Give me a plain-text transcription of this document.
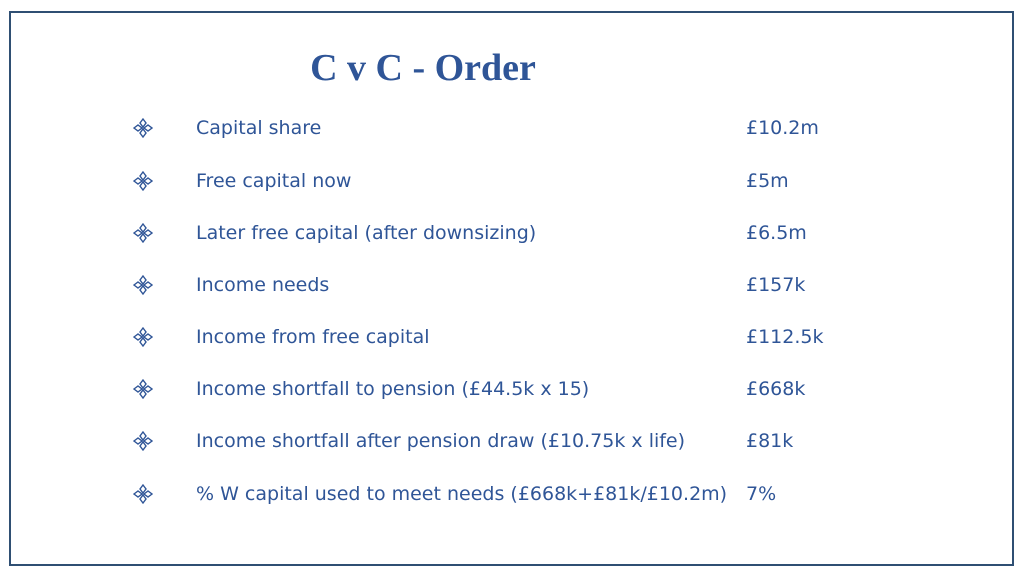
C v C - Order
Capital share	£10.2m
Free capital now	£5m
Later free capital (after downsizing)	£6.5m
Income needs	£157k
Income from free capital	£112.5k
Income shortfall to pension (£44.5k x 15)	£668k
Income shortfall after pension draw (£10.75k x life)	£81k
% W capital used to meet needs (£668k+£81k/£10.2m) 7%
